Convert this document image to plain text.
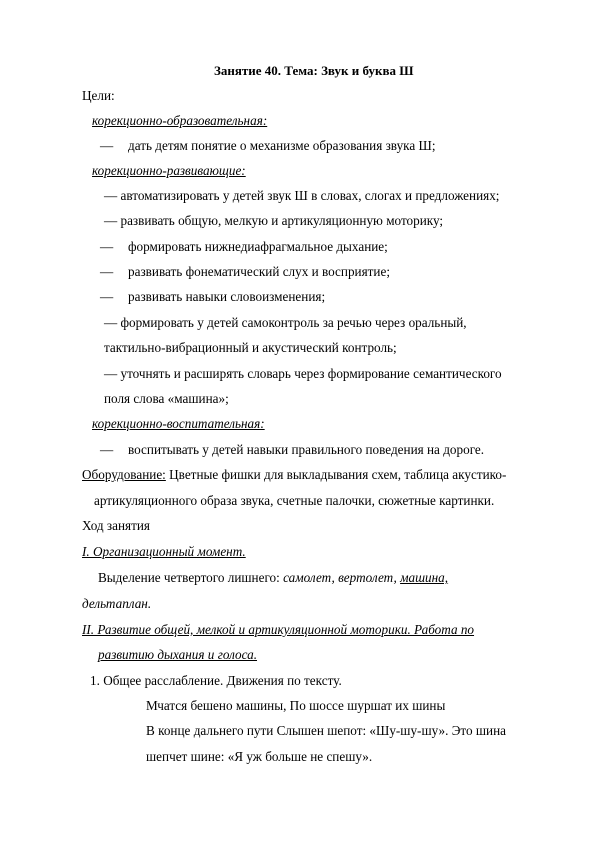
Занятие 40. Тема: Звук и буква Ш
Цели:
корекционно-образовательная:
— дать детям понятие о механизме образования звука Ш;
корекционно-развивающие:
— автоматизировать у детей звук Ш в словах, слогах и предложениях;
— развивать общую, мелкую и артикуляционную моторику;
— формировать нижнедиафрагмальное дыхание;
— развивать фонематический слух и восприятие;
— развивать навыки словоизменения;
— формировать у детей самоконтроль за речью через оральный,
тактильно-вибрационный и акустический контроль;
— уточнять и расширять словарь через формирование семантического
поля слова «машина»;
корекционно-воспитательная:
— воспитывать у детей навыки правильного поведения на дороге.
Оборудование: Цветные фишки для выкладывания схем, таблица акустико-
артикуляционного образа звука, счетные палочки, сюжетные картинки.
Ход занятия
I. Организационный момент.
Выделение четвертого лишнего: самолет, вертолет, машина,
дельтаплан.
II. Развитие общей, мелкой и артикуляционной моторики. Работа по
развитию дыхания и голоса.
1. Общее расслабление. Движения по тексту.
Мчатся бешено машины, По шоссе шуршат их шины
В конце дальнего пути Слышен шепот: «Шу-шу-шу». Это шина
шепчет шине: «Я уж больше не спешу».
